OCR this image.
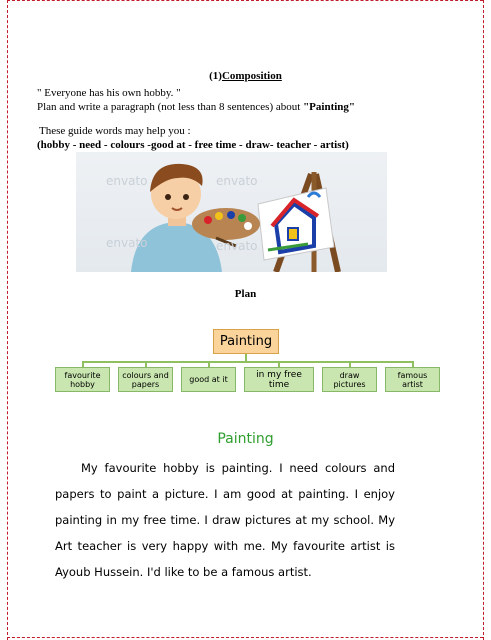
(1)Composition
" Everyone has his own hobby. "
Plan and write a paragraph (not less than 8 sentences) about "Painting"
These guide words may help you :
(hobby - need - colours -good at - free time - draw- teacher - artist)
envato	envato
envato	envato
Plan
Painting
favourite hobby
colours and papers	good at it	in my free time
draw pictures
famous artist
Painting
My favourite hobby is painting. I need colours and papers to paint a picture. I am good at painting. I enjoy painting in my free time. I draw pictures at my school. My Art teacher is very happy with me. My favourite artist is Ayoub Hussein. I'd like to be a famous artist.
